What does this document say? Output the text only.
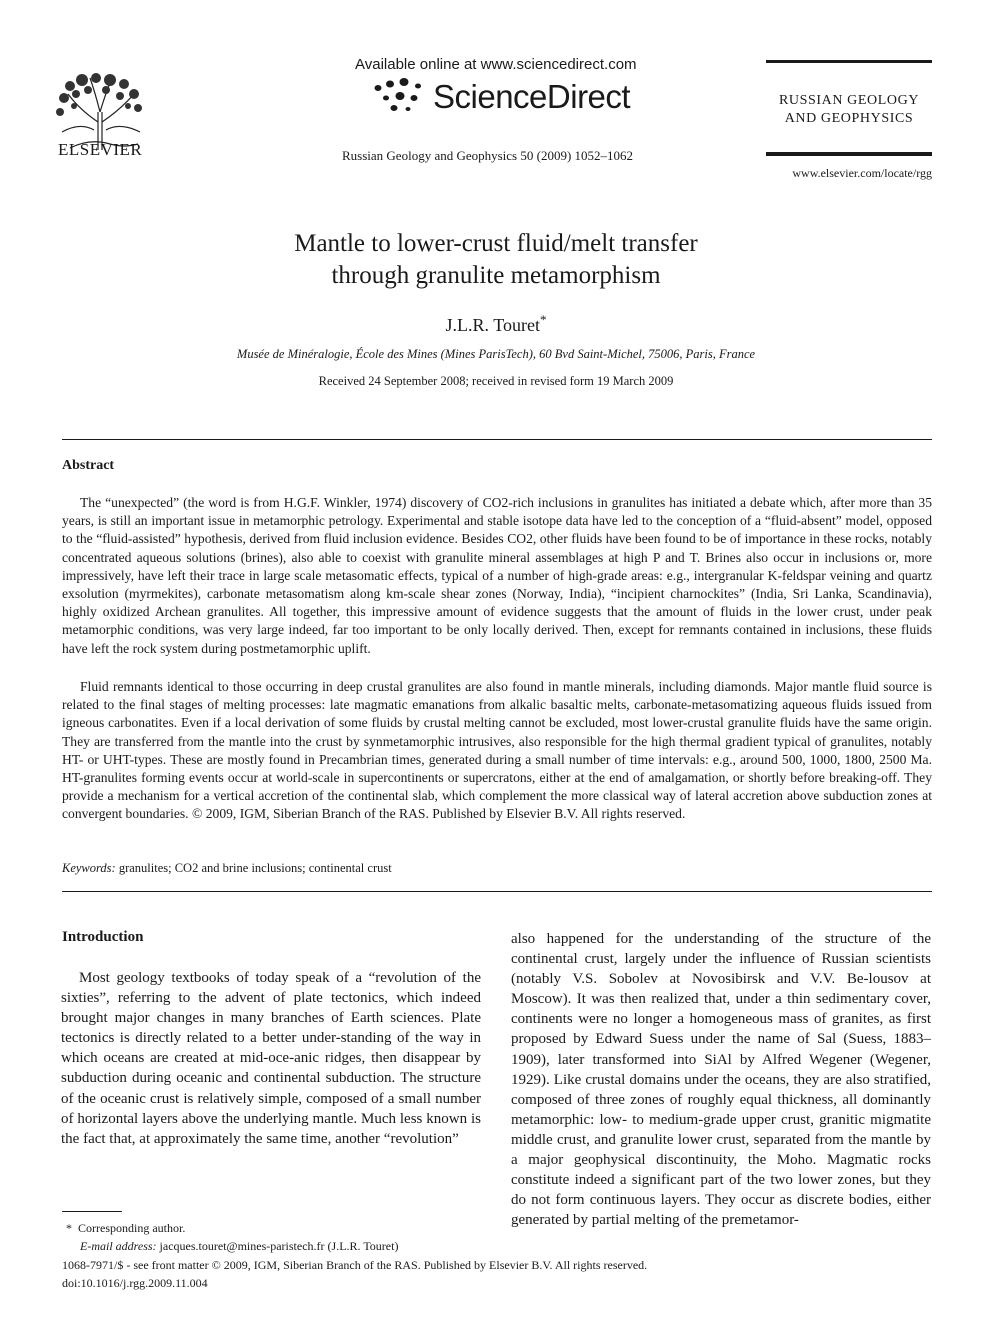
ELSEVIER
Available online at www.sciencedirect.com
ScienceDirect
Russian Geology and Geophysics 50 (2009) 1052–1062
RUSSIAN GEOLOGY
AND GEOPHYSICS
www.elsevier.com/locate/rgg
Mantle to lower-crust fluid/melt transfer
through granulite metamorphism
J.L.R. Touret*
Musée de Minéralogie, École des Mines (Mines ParisTech), 60 Bvd Saint-Michel, 75006, Paris, France
Received 24 September 2008; received in revised form 19 March 2009
Abstract

The “unexpected” (the word is from H.G.F. Winkler, 1974) discovery of CO2-rich inclusions in granulites has initiated a debate which, after more than 35 years, is still an important issue in metamorphic petrology. Experimental and stable isotope data have led to the conception of a “fluid-absent” model, opposed to the “fluid-assisted” hypothesis, derived from fluid inclusion evidence. Besides CO2, other fluids have been found to be of importance in these rocks, notably concentrated aqueous solutions (brines), also able to coexist with granulite mineral assemblages at high P and T. Brines also occur in inclusions or, more impressively, have left their trace in large scale metasomatic effects, typical of a number of high-grade areas: e.g., intergranular K-feldspar veining and quartz exsolution (myrmekites), carbonate metasomatism along km-scale shear zones (Norway, India), “incipient charnockites” (India, Sri Lanka, Scandinavia), highly oxidized Archean granulites. All together, this impressive amount of evidence suggests that the amount of fluids in the lower crust, under peak metamorphic conditions, was very large indeed, far too important to be only locally derived. Then, except for remnants contained in inclusions, these fluids have left the rock system during postmetamorphic uplift.

Fluid remnants identical to those occurring in deep crustal granulites are also found in mantle minerals, including diamonds. Major mantle fluid source is related to the final stages of melting processes: late magmatic emanations from alkalic basaltic melts, carbonate-metasomatizing aqueous fluids issued from igneous carbonatites. Even if a local derivation of some fluids by crustal melting cannot be excluded, most lower-crustal granulite fluids have the same origin. They are transferred from the mantle into the crust by synmetamorphic intrusives, also responsible for the high thermal gradient typical of granulites, notably HT- or UHT-types. These are mostly found in Precambrian times, generated during a small number of time intervals: e.g., around 500, 1000, 1800, 2500 Ma. HT-granulites forming events occur at world-scale in supercontinents or supercratons, either at the end of amalgamation, or shortly before breaking-off. They provide a mechanism for a vertical accretion of the continental slab, which complement the more classical way of lateral accretion above subduction zones at convergent boundaries. © 2009, IGM, Siberian Branch of the RAS. Published by Elsevier B.V. All rights reserved.
Keywords: granulites; CO2 and brine inclusions; continental crust
Introduction

Most geology textbooks of today speak of a “revolution of the sixties”, referring to the advent of plate tectonics, which indeed brought major changes in many branches of Earth sciences. Plate tectonics is directly related to a better under-standing of the way in which oceans are created at mid-oce-anic ridges, then disappear by subduction during oceanic and continental subduction. The structure of the oceanic crust is relatively simple, composed of a small number of horizontal layers above the underlying mantle. Much less known is the fact that, at approximately the same time, another “revolution”

also happened for the understanding of the structure of the continental crust, largely under the influence of Russian scientists (notably V.S. Sobolev at Novosibirsk and V.V. Be-lousov at Moscow). It was then realized that, under a thin sedimentary cover, continents were no longer a homogeneous mass of granites, as first proposed by Edward Suess under the name of Sal (Suess, 1883–1909), later transformed into SiAl by Alfred Wegener (Wegener, 1929). Like crustal domains under the oceans, they are also stratified, composed of three zones of roughly equal thickness, all dominantly metamorphic: low- to medium-grade upper crust, granitic migmatite middle crust, and granulite lower crust, separated from the mantle by a major geophysical discontinuity, the Moho. Magmatic rocks constitute indeed a significant part of the two lower zones, but they do not form continuous layers. They occur as discrete bodies, either generated by partial melting of the premetamor-

* Corresponding author.
E-mail address: jacques.touret@mines-paristech.fr (J.L.R. Touret)
1068-7971/$ - see front matter © 2009, IGM, Siberian Branch of the RAS. Published by Elsevier B.V. All rights reserved.
doi:10.1016/j.rgg.2009.11.004
